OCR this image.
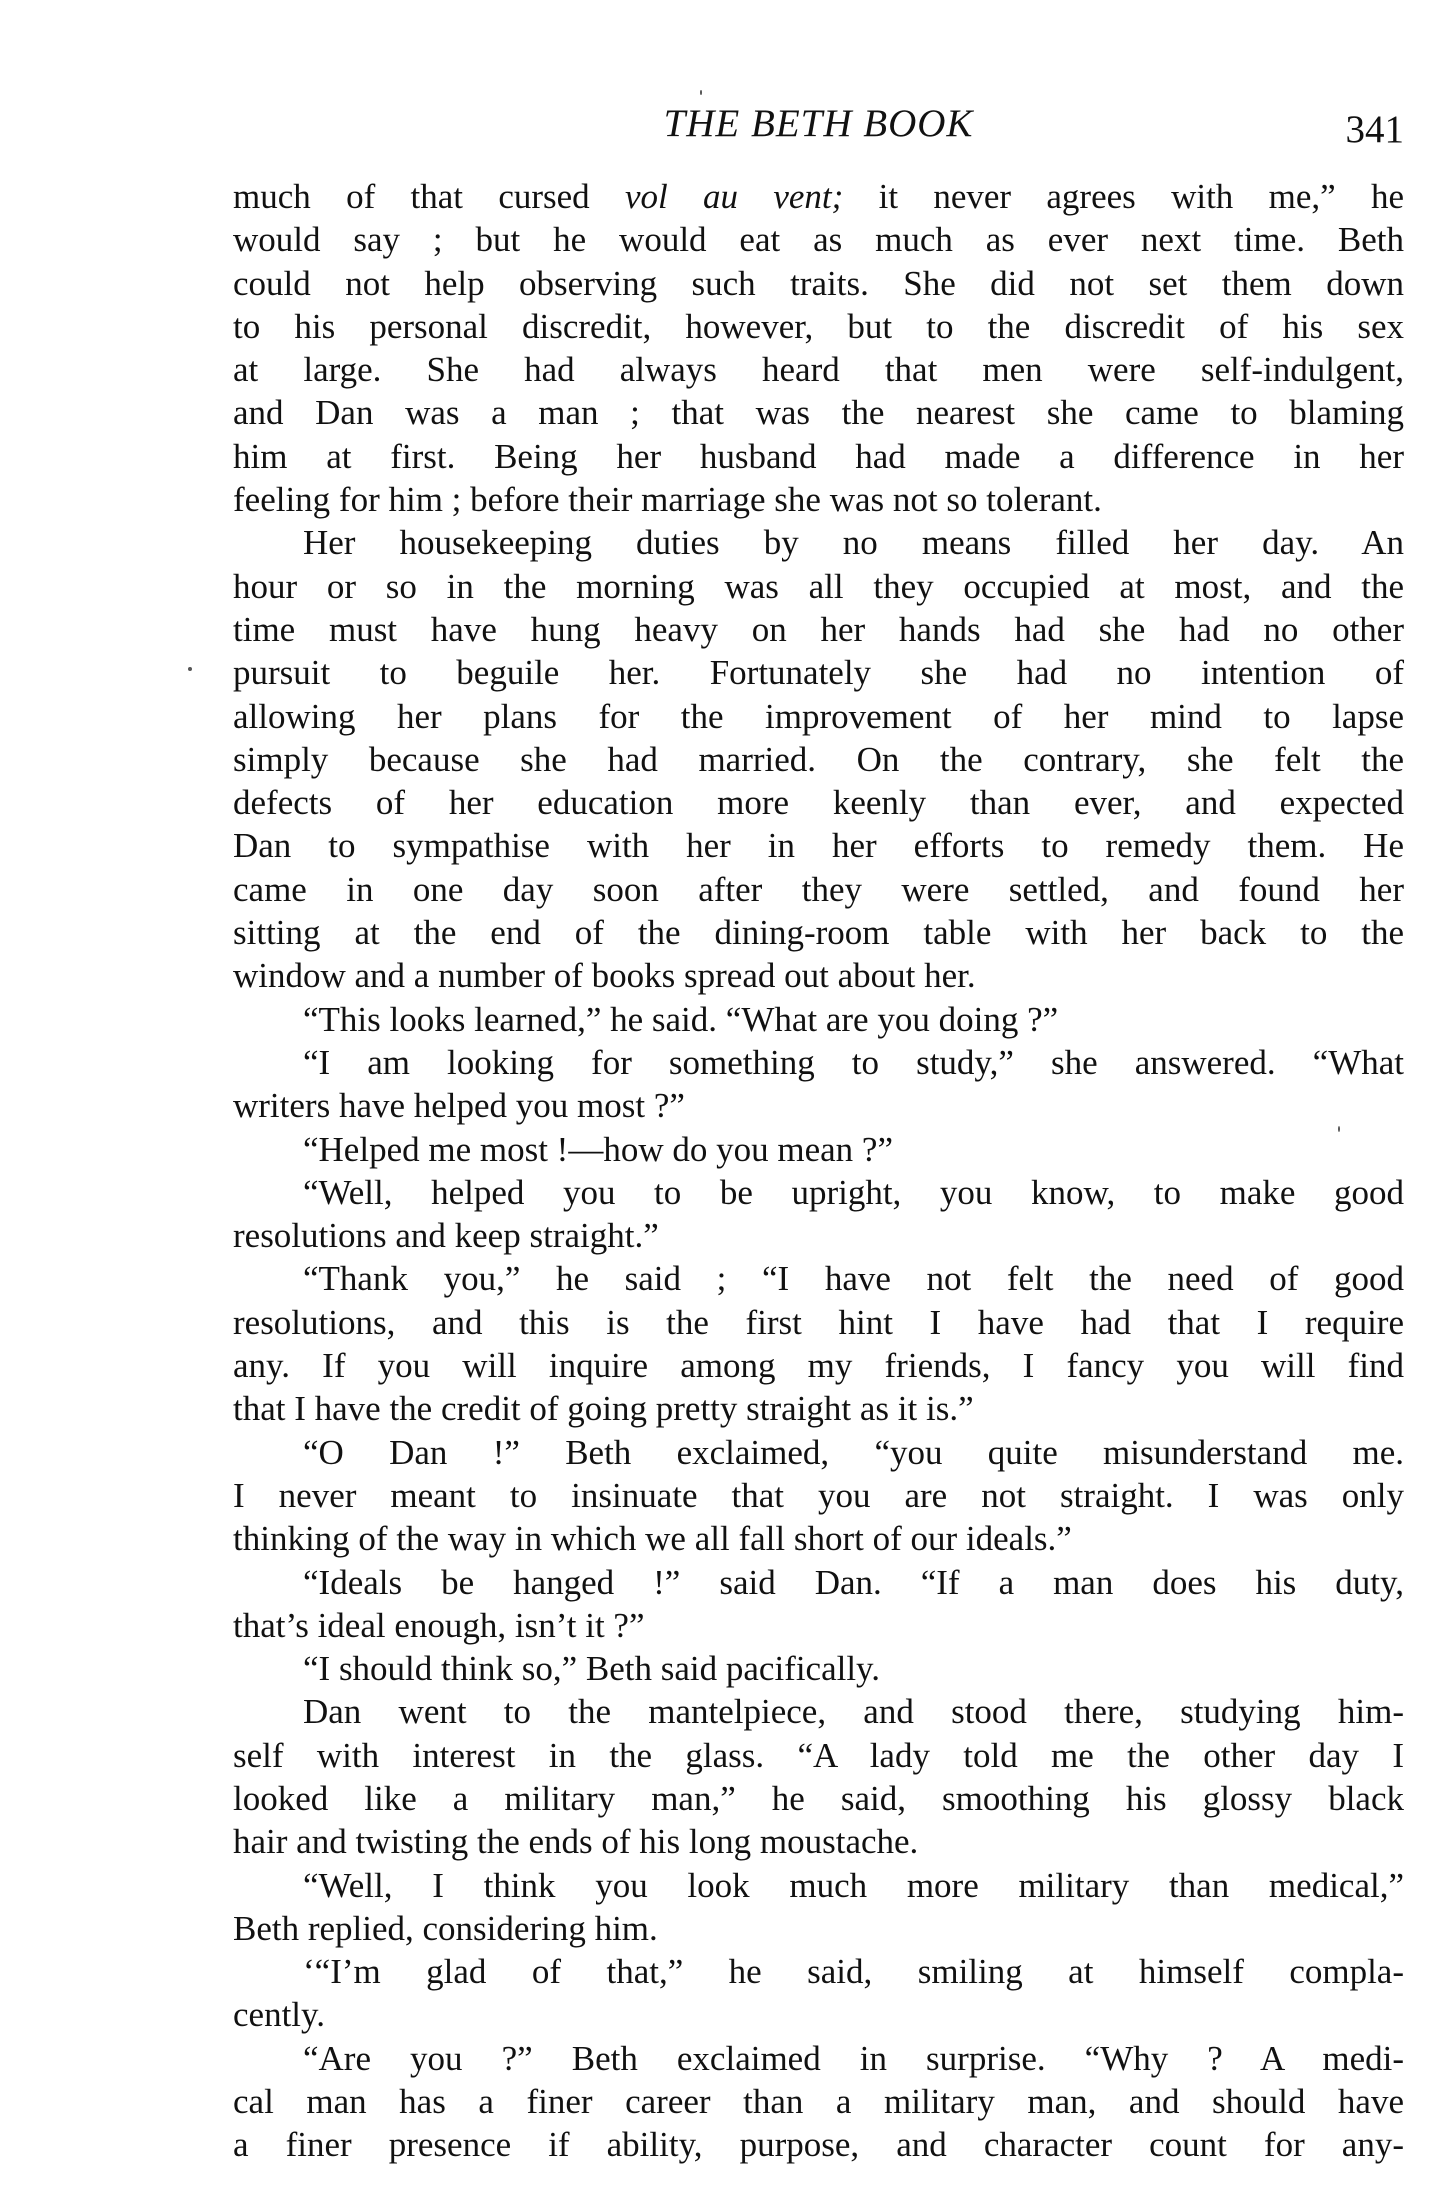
THE BETH BOOK	341
much of that cursed vol au vent; it never agrees with me,” he
would say ; but he would eat as much as ever next time. Beth
could not help observing such traits. She did not set them down
to his personal discredit, however, but to the discredit of his sex
at large. She had always heard that men were self-indulgent,
and Dan was a man ; that was the nearest she came to blaming
him at first. Being her husband had made a difference in her
feeling for him ; before their marriage she was not so tolerant.
Her housekeeping duties by no means filled her day. An
hour or so in the morning was all they occupied at most, and the
time must have hung heavy on her hands had she had no other
pursuit to beguile her. Fortunately she had no intention of
allowing her plans for the improvement of her mind to lapse
simply because she had married. On the contrary, she felt the
defects of her education more keenly than ever, and expected
Dan to sympathise with her in her efforts to remedy them. He
came in one day soon after they were settled, and found her
sitting at the end of the dining-room table with her back to the
window and a number of books spread out about her.
“This looks learned,” he said. “What are you doing ?”
“I am looking for something to study,” she answered. “What
writers have helped you most ?”
“Helped me most !—how do you mean ?”
“Well, helped you to be upright, you know, to make good
resolutions and keep straight.”
“Thank you,” he said ; “I have not felt the need of good
resolutions, and this is the first hint I have had that I require
any. If you will inquire among my friends, I fancy you will find
that I have the credit of going pretty straight as it is.”
“O Dan !” Beth exclaimed, “you quite misunderstand me.
I never meant to insinuate that you are not straight. I was only
thinking of the way in which we all fall short of our ideals.”
“Ideals be hanged !” said Dan. “If a man does his duty,
that’s ideal enough, isn’t it ?”
“I should think so,” Beth said pacifically.
Dan went to the mantelpiece, and stood there, studying him-
self with interest in the glass. “A lady told me the other day I
looked like a military man,” he said, smoothing his glossy black
hair and twisting the ends of his long moustache.
“Well, I think you look much more military than medical,”
Beth replied, considering him.
‘“I’m glad of that,” he said, smiling at himself compla-
cently.
“Are you ?” Beth exclaimed in surprise. “Why ? A medi-
cal man has a finer career than a military man, and should have
a finer presence if ability, purpose, and character count for any-
